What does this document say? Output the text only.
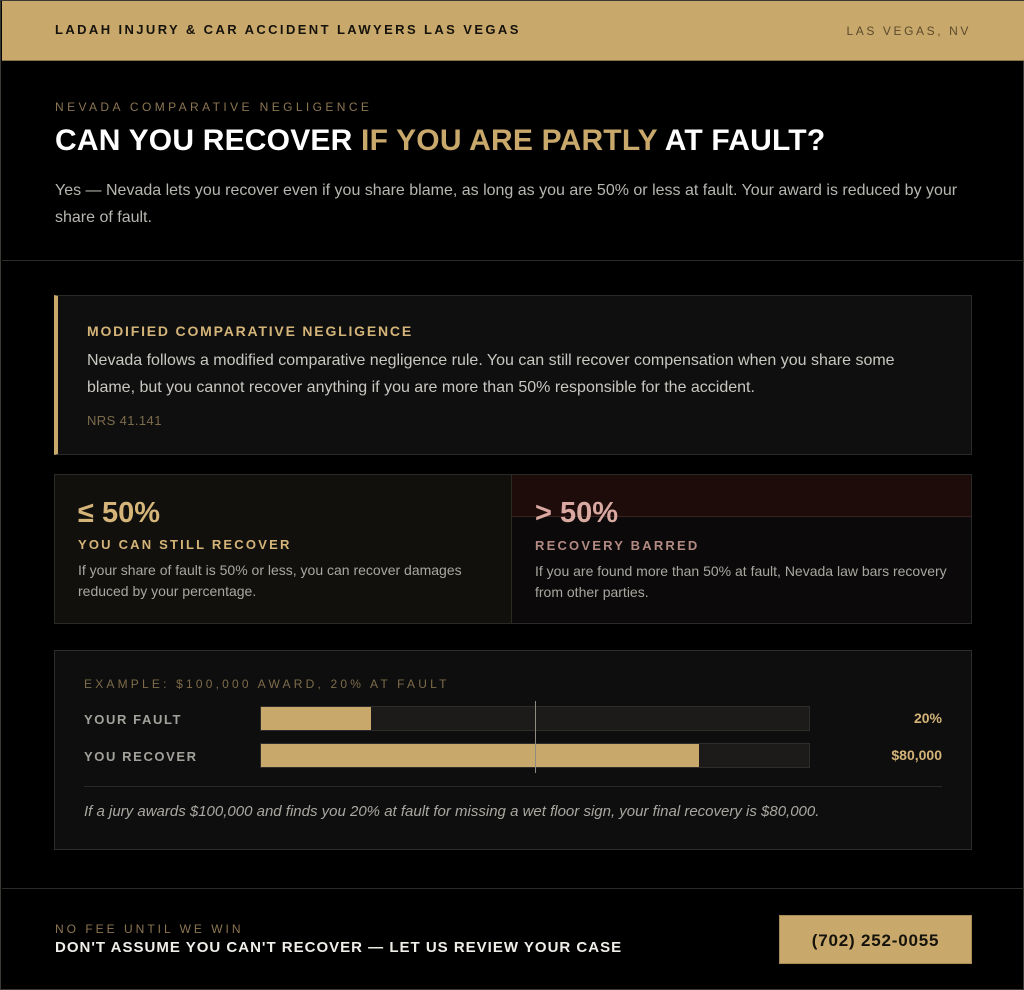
LADAH INJURY & CAR ACCIDENT LAWYERS LAS VEGAS	LAS VEGAS, NV
NEVADA COMPARATIVE NEGLIGENCE
CAN YOU RECOVER IF YOU ARE PARTLY AT FAULT?

Yes — Nevada lets you recover even if you share blame, as long as you are 50% or less at fault. Your award is reduced by your share of fault.

MODIFIED COMPARATIVE NEGLIGENCE

Nevada follows a modified comparative negligence rule. You can still recover compensation when you share some blame, but you cannot recover anything if you are more than 50% responsible for the accident.

NRS 41.141
≤ 50%
YOU CAN STILL RECOVER

If your share of fault is 50% or less, you can recover damages reduced by your percentage.

> 50%
RECOVERY BARRED

If you are found more than 50% at fault, Nevada law bars recovery from other parties.

EXAMPLE: $100,000 AWARD, 20% AT FAULT
YOUR FAULT	20%
YOU RECOVER	$80,000

If a jury awards $100,000 and finds you 20% at fault for missing a wet floor sign, your final recovery is $80,000.

NO FEE UNTIL WE WIN
DON'T ASSUME YOU CAN'T RECOVER — LET US REVIEW YOUR CASE	(702) 252-0055
